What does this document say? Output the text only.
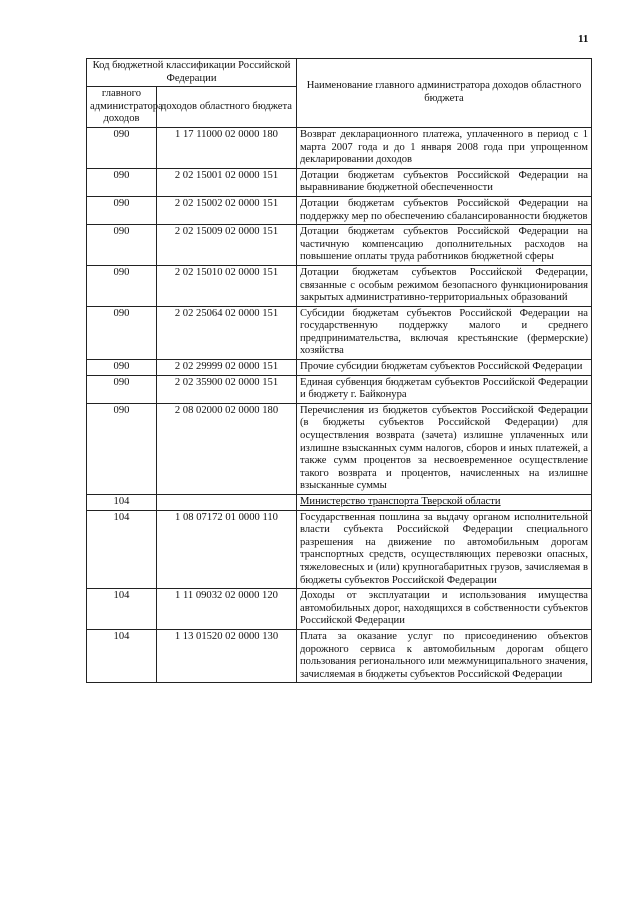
11
Код бюджетной классификации Российской Федерации		Наименование главного администратора доходов областного бюджета
главного администратора доходов	доходов областного бюджета	
090	1 17 11000 02 0000 180	Возврат декларационного платежа, уплаченного в период с 1 марта 2007 года и до 1 января 2008 года при упрощенном декларировании доходов
090	2 02 15001 02 0000 151	Дотации бюджетам субъектов Российской Федерации на выравнивание бюджетной обеспеченности
090	2 02 15002 02 0000 151	Дотации бюджетам субъектов Российской Федерации на поддержку мер по обеспечению сбалансированности бюджетов
090	2 02 15009 02 0000 151	Дотации бюджетам субъектов Российской Федерации на частичную компенсацию дополнительных расходов на повышение оплаты труда работников бюджетной сферы
090	2 02 15010 02 0000 151	Дотации бюджетам субъектов Российской Федерации, связанные с особым режимом безопасного функционирования закрытых административно-территориальных образований
090	2 02 25064 02 0000 151	Субсидии бюджетам субъектов Российской Федерации на государственную поддержку малого и среднего предпринимательства, включая крестьянские (фермерские) хозяйства
090	2 02 29999 02 0000 151	Прочие субсидии бюджетам субъектов Российской Федерации
090	2 02 35900 02 0000 151	Единая субвенция бюджетам субъектов Российской Федерации и бюджету г. Байконура
090	2 08 02000 02 0000 180	Перечисления из бюджетов субъектов Российской Федерации (в бюджеты субъектов Российской Федерации) для осуществления возврата (зачета) излишне уплаченных или излишне взысканных сумм налогов, сборов и иных платежей, а также сумм процентов за несвоевременное осуществление такого возврата и процентов, начисленных на излишне взысканные суммы
104		Министерство транспорта Тверской области
104	1 08 07172 01 0000 110	Государственная пошлина за выдачу органом исполнительной власти субъекта Российской Федерации специального разрешения на движение по автомобильным дорогам транспортных средств, осуществляющих перевозки опасных, тяжеловесных и (или) крупногабаритных грузов, зачисляемая в бюджеты субъектов Российской Федерации
104	1 11 09032 02 0000 120	Доходы от эксплуатации и использования имущества автомобильных дорог, находящихся в собственности субъектов Российской Федерации
104	1 13 01520 02 0000 130	Плата за оказание услуг по присоединению объектов дорожного сервиса к автомобильным дорогам общего пользования регионального или межмуниципального значения, зачисляемая в бюджеты субъектов Российской Федерации
